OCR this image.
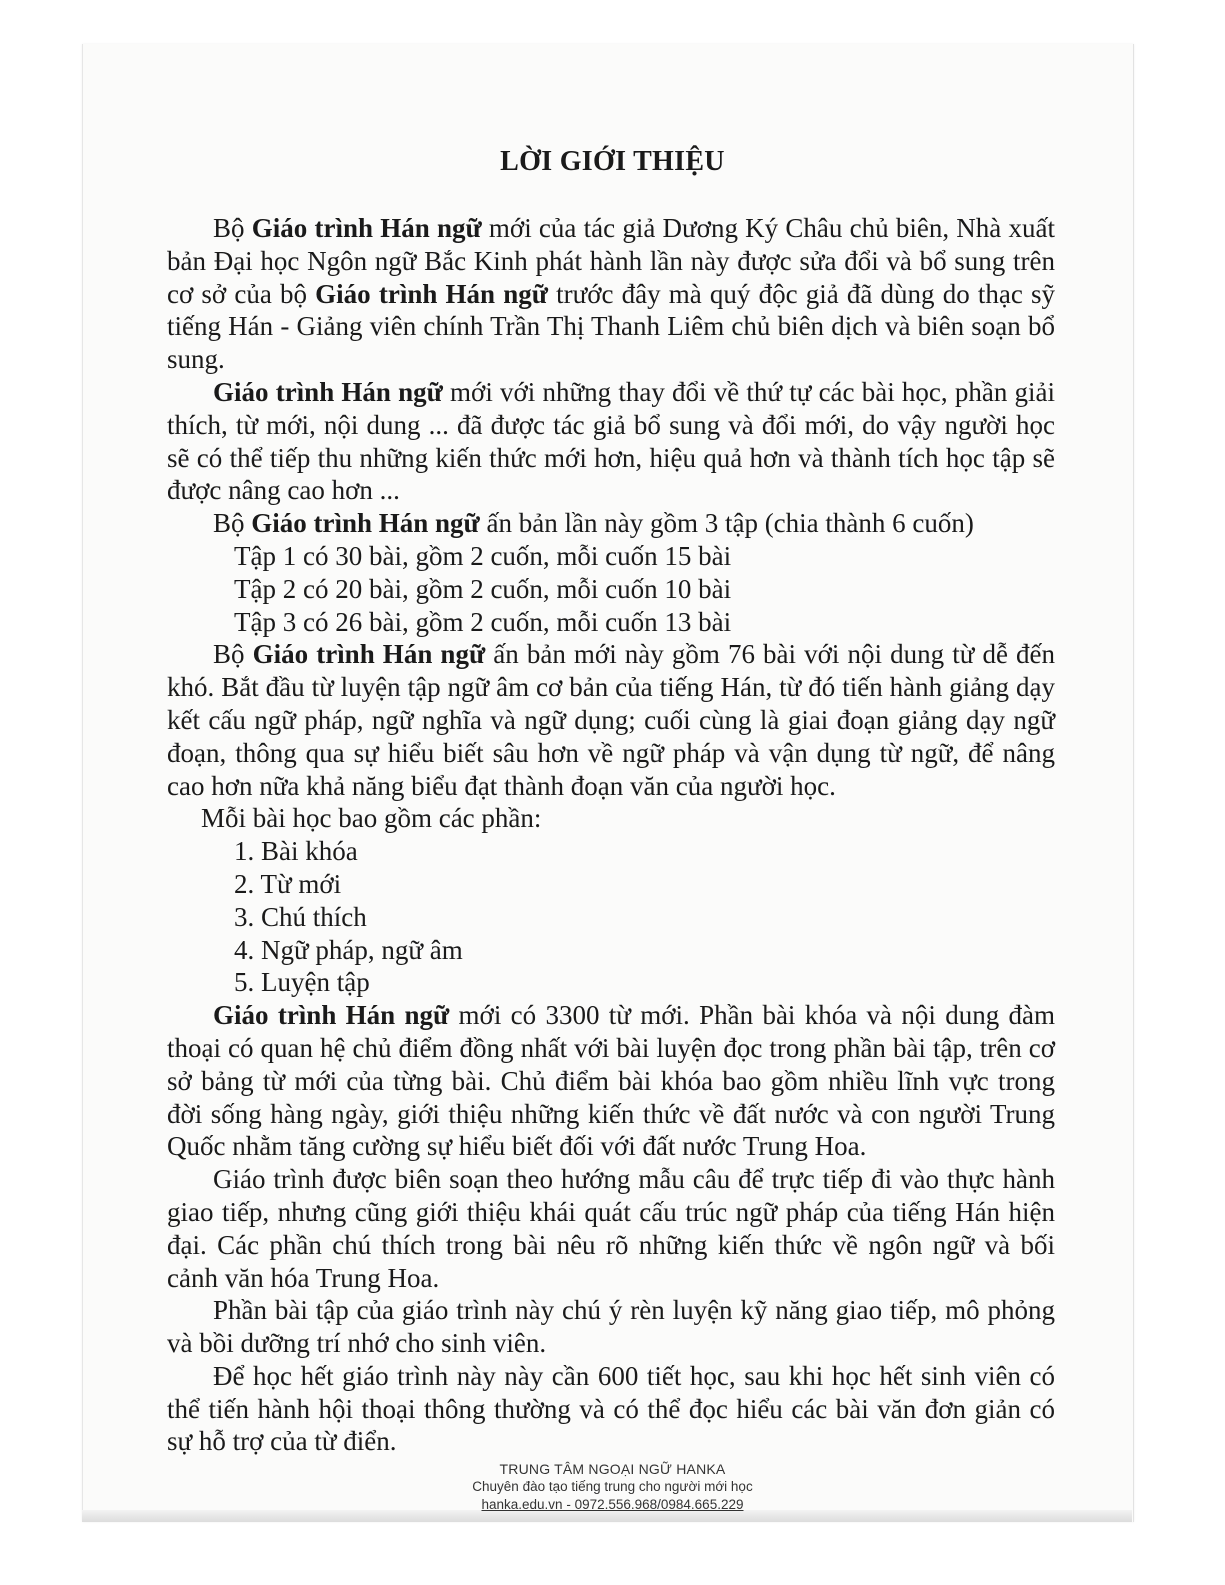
LỜI GIỚI THIỆU

Bộ Giáo trình Hán ngữ mới của tác giả Dương Ký Châu chủ biên, Nhà xuất bản Đại học Ngôn ngữ Bắc Kinh phát hành lần này được sửa đổi và bổ sung trên cơ sở của bộ Giáo trình Hán ngữ trước đây mà quý độc giả đã dùng do thạc sỹ tiếng Hán - Giảng viên chính Trần Thị Thanh Liêm chủ biên dịch và biên soạn bổ sung.

Giáo trình Hán ngữ mới với những thay đổi về thứ tự các bài học, phần giải thích, từ mới, nội dung ... đã được tác giả bổ sung và đổi mới, do vậy người học sẽ có thể tiếp thu những kiến thức mới hơn, hiệu quả hơn và thành tích học tập sẽ được nâng cao hơn ...

Bộ Giáo trình Hán ngữ ấn bản lần này gồm 3 tập (chia thành 6 cuốn)

Tập 1 có 30 bài, gồm 2 cuốn, mỗi cuốn 15 bài

Tập 2 có 20 bài, gồm 2 cuốn, mỗi cuốn 10 bài

Tập 3 có 26 bài, gồm 2 cuốn, mỗi cuốn 13 bài

Bộ Giáo trình Hán ngữ ấn bản mới này gồm 76 bài với nội dung từ dễ đến khó. Bắt đầu từ luyện tập ngữ âm cơ bản của tiếng Hán, từ đó tiến hành giảng dạy kết cấu ngữ pháp, ngữ nghĩa và ngữ dụng; cuối cùng là giai đoạn giảng dạy ngữ đoạn, thông qua sự hiểu biết sâu hơn về ngữ pháp và vận dụng từ ngữ, để nâng cao hơn nữa khả năng biểu đạt thành đoạn văn của người học.

Mỗi bài học bao gồm các phần:

1. Bài khóa

2. Từ mới

3. Chú thích

4. Ngữ pháp, ngữ âm

5. Luyện tập

Giáo trình Hán ngữ mới có 3300 từ mới. Phần bài khóa và nội dung đàm thoại có quan hệ chủ điểm đồng nhất với bài luyện đọc trong phần bài tập, trên cơ sở bảng từ mới của từng bài. Chủ điểm bài khóa bao gồm nhiều lĩnh vực trong đời sống hàng ngày, giới thiệu những kiến thức về đất nước và con người Trung Quốc nhằm tăng cường sự hiểu biết đối với đất nước Trung Hoa.

Giáo trình được biên soạn theo hướng mẫu câu để trực tiếp đi vào thực hành giao tiếp, nhưng cũng giới thiệu khái quát cấu trúc ngữ pháp của tiếng Hán hiện đại. Các phần chú thích trong bài nêu rõ những kiến thức về ngôn ngữ và bối cảnh văn hóa Trung Hoa.

Phần bài tập của giáo trình này chú ý rèn luyện kỹ năng giao tiếp, mô phỏng và bồi dưỡng trí nhớ cho sinh viên.

Để học hết giáo trình này này cần 600 tiết học, sau khi học hết sinh viên có thể tiến hành hội thoại thông thường và có thể đọc hiểu các bài văn đơn giản có sự hỗ trợ của từ điển.

TRUNG TÂM NGOẠI NGỮ HANKA
Chuyên đào tạo tiếng trung cho người mới học
hanka.edu.vn - 0972.556.968/0984.665.229
